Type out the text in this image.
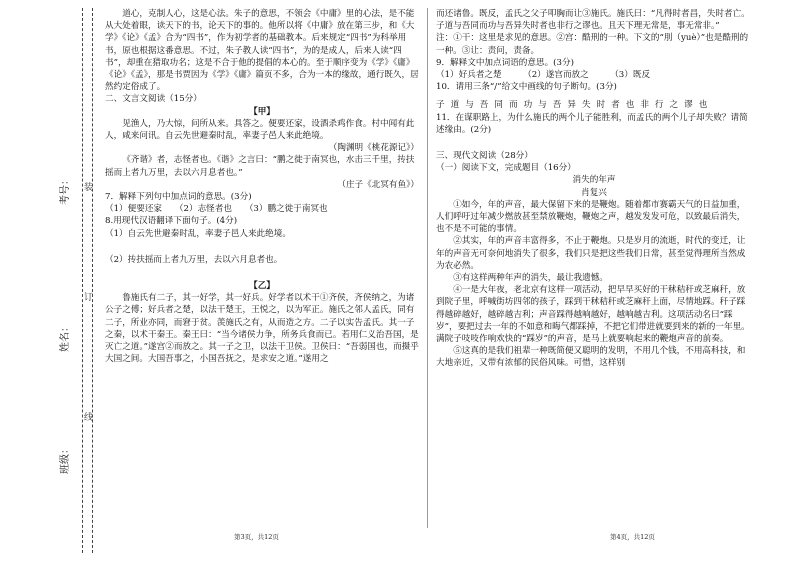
考号：
姓名：
班级：
装
订
线

道心，克制人心，这是心法。朱子的意思，不领会《中庸》里的心法，是不能从大处着眼，读天下的书，论天下的事的。他所以将《中庸》放在第三步，和《大学》《论》《孟》合为“四书”，作为初学者的基础教本。后来规定“四书”为科举用书，原也根据这番意思。不过，朱子教人读“四书”，为的是成人，后来人读“四书”，却重在猎取功名；这是不合于他的提倡的本心的。至于顺序变为《学》《庸》《论》《孟》，那是书贾因为《学》《庸》篇页不多，合为一本的缘故，通行既久，居然约定俗成了。

二、文言文阅读（15分）

【甲】

见渔人，乃大惊，问所从来。具答之。便要还家，设酒杀鸡作食。村中闻有此人，咸来问讯。自云先世避秦时乱，率妻子邑人来此绝境。

（陶渊明《桃花源记》）

《齐谐》者，志怪者也。《谐》之言曰：“鹏之徙于南冥也，水击三千里，抟扶摇而上者九万里，去以六月息者也。”

（庄子《北冥有鱼》）

7．解释下列句中加点词的意思。(3分)

（1）便要还家　　（2）志怪者也　　（3）鹏之徙于南冥也

8.用现代汉语翻译下面句子。(4分)

（1）自云先世避秦时乱，率妻子邑人来此绝境。

（2）抟扶摇而上者九万里，去以六月息者也。

【乙】

鲁施氏有二子，其一好学，其一好兵。好学者以术干①齐侯，齐侯纳之，为诸公子之傅；好兵者之楚，以法干楚王，王悦之，以为军正。施氏之邻人孟氏，同有二子，所业亦同，而窘于贫。羡施氏之有，从而造之方。二子以实告孟氏。其一子之秦，以术干秦王。秦王曰：“当今诸侯力争，所务兵食而已。若用仁义治吾国，是灭亡之道。”遂宫②而放之。其一子之卫，以法干卫侯。卫侯曰：“吾弱国也，而摄乎大国之间。大国吾事之，小国吾抚之，是求安之道。”遂用之

第3页，共12页

而还诸鲁。既反，孟氏之父子叩胸而让③施氏。施氏曰：“凡得时者昌，失时者亡。子道与吾同而功与吾异失时者也非行之谬也。且天下理无常是，事无常非。”

注：①干：这里是求见的意思。②宫：酷刑的一种。下文的“刖（yuè）”也是酷刑的一种。③让：责问，责备。

9．解释文中加点词语的意思。(3分)

（1）好兵者之楚　　　（2）遂宫而放之　　　（3）既反

10．请用三条“/”给文中画线的句子断句。(3分)

子道与吾同而功与吾异失时者也非行之谬也

11．在谋职路上，为什么施氏的两个儿子能胜利，而孟氏的两个儿子却失败？请简述缘由。(2分)

三、现代文阅读（28分）

（一）阅读下文，完成题目（16分）

消失的年声

肖复兴

①如今，年的声音，最大保留下来的是鞭炮。随着都市赛霸天气的日益加重，人们呼吁过年减少燃放甚至禁放鞭炮，鞭炮之声，越发发发可危，以致最后消失，也不是不可能的事情。

②其实，年的声音丰富得多，不止于鞭炮。只是岁月的流逝，时代的变迁，让年的声音无可奈何地消失了很多，我们只是把这些我们日常，甚至觉得理所当然成为农必然。

③有这样两种年声的消失，最让我遗憾。

④一是大年夜，老北京有这样一项活动，把早早买好的干秫秸秆或芝麻秆，放到院子里，呼喊街坊四邻的孩子，踩到干秫秸秆或芝麻秆上面，尽情地踩。秆子踩得越碎越好，越碎越吉利；声音踩得越响越好，越响越吉利。这项活动名曰“踩岁”，要把过去一年的不如意和晦气都踩掉，不把它们带进就要到来的新的一年里。满院子吱吱作响欢快的“踩岁”的声音，是马上就要响起来的鞭炮声音的前奏。

⑤这真的是我们祖辈一种既简便又聪明的发明，不用几个钱，不用高科技，和大地亲近，又带有浓郁的民俗风味。可惜，这样别

第4页，共12页
